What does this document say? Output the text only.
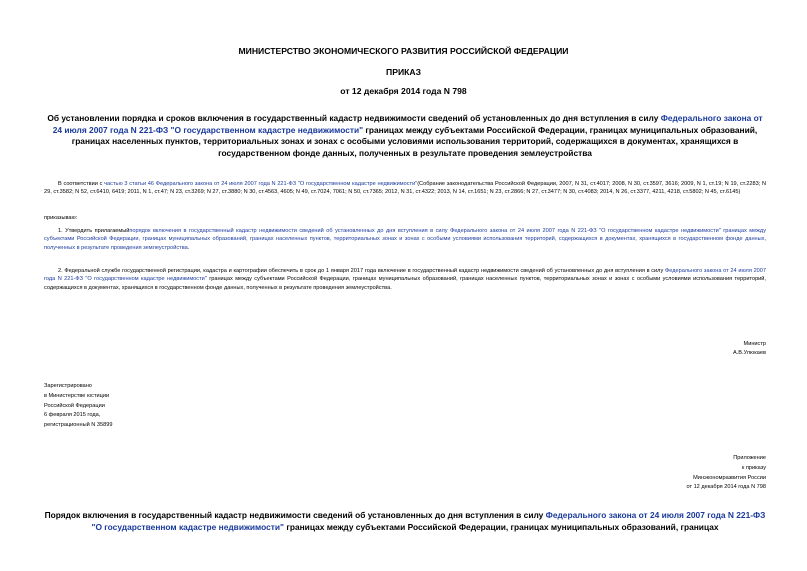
МИНИСТЕРСТВО ЭКОНОМИЧЕСКОГО РАЗВИТИЯ РОССИЙСКОЙ ФЕДЕРАЦИИ
ПРИКАЗ
от 12 декабря 2014 года N 798
Об установлении порядка и сроков включения в государственный кадастр недвижимости сведений об установленных до дня вступления в силу Федерального закона от 24 июля 2007 года N 221-ФЗ "О государственном кадастре недвижимости" границах между субъектами Российской Федерации, границах муниципальных образований, границах населенных пунктов, территориальных зонах и зонах с особыми условиями использования территорий, содержащихся в документах, хранящихся в государственном фонде данных, полученных в результате проведения землеустройства
В соответствии с частью 3 статьи 46 Федерального закона от 24 июля 2007 года N 221-ФЗ "О государственном кадастре недвижимости"(Собрание законодательства Российской Федерации, 2007, N 31, ст.4017; 2008, N 30, ст.3597, 3616; 2009, N 1, ст.19; N 19, ст.2283; N 29, ст.3582; N 52, ст.6410, 6419; 2011, N 1, ст.47; N 23, ст.3269; N 27, ст.3880; N 30, ст.4563, 4605; N 49, ст.7024, 7061; N 50, ст.7365; 2012, N 31, ст.4322; 2013, N 14, ст.1651; N 23, ст.2866; N 27, ст.3477; N 30, ст.4083; 2014, N 26, ст.3377, 4211, 4218, ст.5802; N 45, ст.6145)
приказываю:
1. Утвердить прилагаемыйпорядок включения в государственный кадастр недвижимости сведений об установленных до дня вступления в силу Федерального закона от 24 июля 2007 года N 221-ФЗ "О государственном кадастре недвижимости" границах между субъектами Российской Федерации, границах муниципальных образований, границах населенных пунктов, территориальных зонах и зонах с особыми условиями использования территорий, содержащихся в документах, хранящихся в государственном фонде данных, полученных в результате проведения землеустройства.
2. Федеральной службе государственной регистрации, кадастра и картографии обеспечить в срок до 1 января 2017 года включение в государственный кадастр недвижимости сведений об установленных до дня вступления в силу Федерального закона от 24 июля 2007 года N 221-ФЗ "О государственном кадастре недвижимости" границах между субъектами Российской Федерации, границах муниципальных образований, границах населенных пунктов, территориальных зонах и зонах с особыми условиями использования территорий, содержащихся в документах, хранящихся в государственном фонде данных, полученных в результате проведения землеустройства.
Министр
А.В.Улюкаев
Зарегистрировано
в Министерстве юстиции
Российской Федерации
6 февраля 2015 года,
регистрационный N 35899
Приложение
к приказу
Минэкономразвития России
от 12 декабря 2014 года N 798
Порядок включения в государственный кадастр недвижимости сведений об установленных до дня вступления в силу Федерального закона от 24 июля 2007 года N 221-ФЗ "О государственном кадастре недвижимости" границах между субъектами Российской Федерации, границах муниципальных образований, границах
